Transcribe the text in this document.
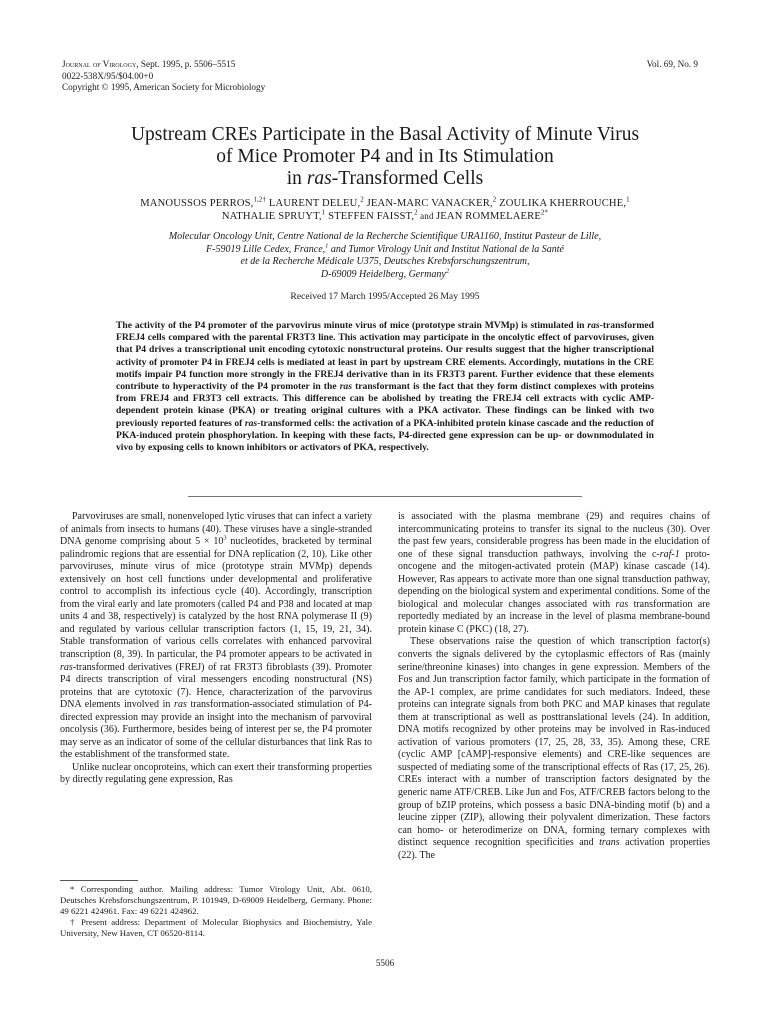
Journal of Virology, Sept. 1995, p. 5506–5515
0022-538X/95/$04.00+0
Copyright © 1995, American Society for Microbiology
Vol. 69, No. 9
Upstream CREs Participate in the Basal Activity of Minute Virus
of Mice Promoter P4 and in Its Stimulation
in ras-Transformed Cells
MANOUSSOS PERROS,$^{1,2\dagger}$ LAURENT DELEU,$^2$ JEAN-MARC VANACKER,$^2$ ZOULIKA KHERROUCHE,$^1$
NATHALIE SPRUYT,$^1$ STEFFEN FAISST,$^2$ and JEAN $ROMMELAERE^{2*}$
Molecular Oncology Unit, Centre National de la Recherche Scientifique URA1160, Institut Pasteur de Lille,
F-59019 Lille Cedex, France,$^1$ and Tumor Virology Unit and Institut National de la Santé
et de la Recherche Médicale U375, Deutsches Krebsforschungszentrum,
D-69009 Heidelberg, Germany$^2$
Received 17 March 1995/Accepted 26 May 1995

The activity of the P4 promoter of the parvovirus minute virus of mice (prototype strain MVMp) is stimulated in ras-transformed FREJ4 cells compared with the parental FR3T3 line. This activation may participate in the oncolytic effect of parvoviruses, given that P4 drives a transcriptional unit encoding cytotoxic nonstructural proteins. Our results suggest that the higher transcriptional activity of promoter P4 in FREJ4 cells is mediated at least in part by upstream CRE elements. Accordingly, mutations in the CRE motifs impair P4 function more strongly in the FREJ4 derivative than in its FR3T3 parent. Further evidence that these elements contribute to hyperactivity of the P4 promoter in the ras transformant is the fact that they form distinct complexes with proteins from FREJ4 and FR3T3 cell extracts. This difference can be abolished by treating the FREJ4 cell extracts with cyclic AMP-dependent protein kinase (PKA) or treating original cultures with a PKA activator. These findings can be linked with two previously reported features of ras-transformed cells: the activation of a PKA-inhibited protein kinase cascade and the reduction of PKA-induced protein phosphorylation. In keeping with these facts, P4-directed gene expression can be up- or downmodulated in vivo by exposing cells to known inhibitors or activators of PKA, respectively.

Parvoviruses are small, nonenveloped lytic viruses that can infect a variety of animals from insects to humans (40). These viruses have a single-stranded DNA genome comprising about $5 \times 10^3$ nucleotides, bracketed by terminal palindromic regions that are essential for DNA replication (2, 10). Like other parvoviruses, minute virus of mice (prototype strain MVMp) depends extensively on host cell functions under developmental and proliferative control to accomplish its infectious cycle (40). Accordingly, transcription from the viral early and late promoters (called P4 and P38 and located at map units 4 and 38, respectively) is catalyzed by the host RNA polymerase II (9) and regulated by various cellular transcription factors (1, 15, 19, 21, 34). Stable transformation of various cells correlates with enhanced parvoviral transcription (8, 39). In particular, the P4 promoter appears to be activated in ras-transformed derivatives (FREJ) of rat FR3T3 fibroblasts (39). Promoter P4 directs transcription of viral messengers encoding nonstructural (NS) proteins that are cytotoxic (7). Hence, characterization of the parvovirus DNA elements involved in ras transformation-associated stimulation of P4-directed expression may provide an insight into the mechanism of parvoviral oncolysis (36). Furthermore, besides being of interest per se, the P4 promoter may serve as an indicator of some of the cellular disturbances that link Ras to the establishment of the transformed state.

Unlike nuclear oncoproteins, which can exert their transforming properties by directly regulating gene expression, Ras

* Corresponding author. Mailing address: Tumor Virology Unit, Abt. 0610, Deutsches Krebsforschungszentrum, P. 101949, D-69009 Heidelberg, Germany. Phone: 49 6221 424961. Fax: 49 6221 424962.

† Present address: Department of Molecular Biophysics and Biochemistry, Yale University, New Haven, CT 06520-8114.

is associated with the plasma membrane (29) and requires chains of intercommunicating proteins to transfer its signal to the nucleus (30). Over the past few years, considerable progress has been made in the elucidation of one of these signal transduction pathways, involving the c-raf-1 proto-oncogene and the mitogen-activated protein (MAP) kinase cascade (14). However, Ras appears to activate more than one signal transduction pathway, depending on the biological system and experimental conditions. Some of the biological and molecular changes associated with ras transformation are reportedly mediated by an increase in the level of plasma membrane-bound protein kinase C (PKC) (18, 27).

These observations raise the question of which transcription factor(s) converts the signals delivered by the cytoplasmic effectors of Ras (mainly serine/threonine kinases) into changes in gene expression. Members of the Fos and Jun transcription factor family, which participate in the formation of the AP-1 complex, are prime candidates for such mediators. Indeed, these proteins can integrate signals from both PKC and MAP kinases that regulate them at transcriptional as well as posttranslational levels (24). In addition, DNA motifs recognized by other proteins may be involved in Ras-induced activation of various promoters (17, 25, 28, 33, 35). Among these, CRE (cyclic AMP [cAMP]-responsive elements) and CRE-like sequences are suspected of mediating some of the transcriptional effects of Ras (17, 25, 26). CREs interact with a number of transcription factors designated by the generic name ATF/CREB. Like Jun and Fos, ATF/CREB factors belong to the group of bZIP proteins, which possess a basic DNA-binding motif (b) and a leucine zipper (ZIP), allowing their polyvalent dimerization. These factors can homo- or heterodimerize on DNA, forming ternary complexes with distinct sequence recognition specificities and trans activation properties (22). The

5506
